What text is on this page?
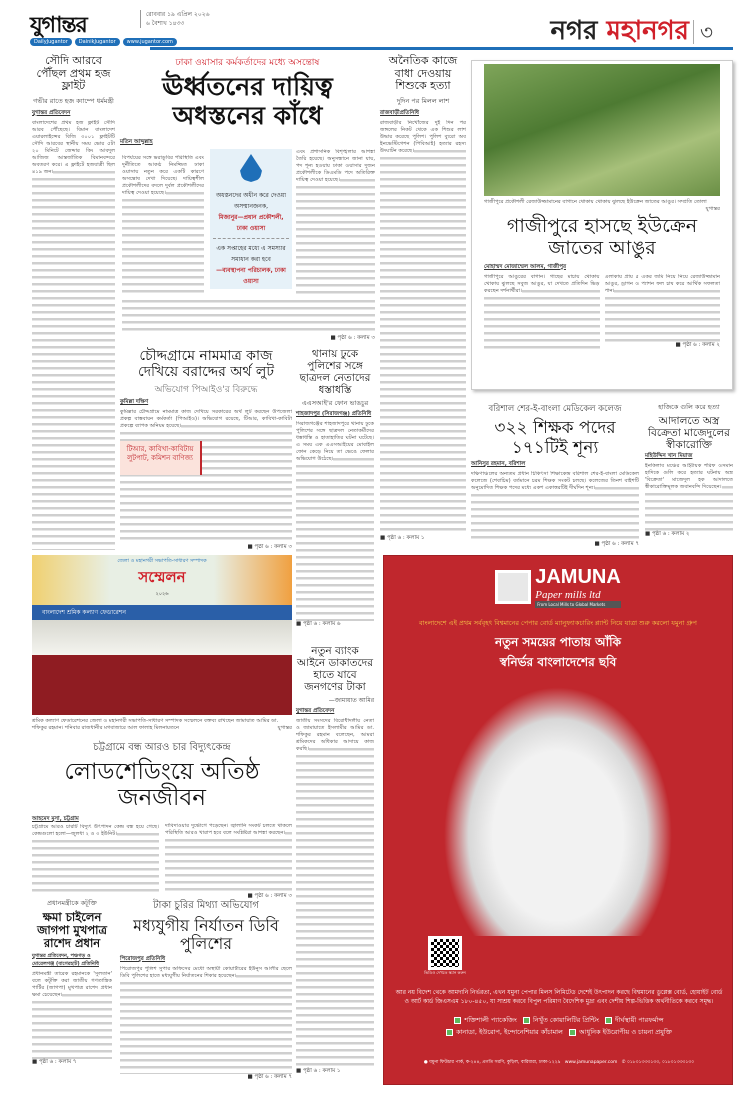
যুগান্তর	রোববার ১৯ এপ্রিল ২০২৬
৬ বৈশাখ ১৪৩৩
DailyJugantor	DainikJugantor	www.jugantor.com	নগর মহানগর ৩
সৌদি আরবে পৌঁছল প্রথম হজ ফ্লাইট
গভীর রাতে হজ ক্যাম্পে ধর্মমন্ত্রী
যুগান্তর প্রতিবেদন
বাংলাদেশের প্রথম হজ ফ্লাইট সৌদি আরব পৌঁছেছে। বিমান বাংলাদেশ এয়ারলাইন্সের বিজি ৩০০১ ফ্লাইটটি সৌদি আরবের স্থানীয় সময় ভোর ৫টা ২০ মিনিটে জেদ্দার কিং আবদুল আজিজ আন্তর্জাতিক বিমানবন্দরে অবতরণ করে। এ ফ্লাইটে হজযাত্রী ছিল ৪১৯ জন।
ঢাকা ওয়াসার কর্মকর্তাদের মধ্যে অসন্তোষ
ঊর্ধ্বতনের দায়িত্ব অধস্তনের কাঁধে
মতিন আব্দুল্লাহ
বিপর্যয়ের সঙ্গে ভরাডুবির পরিস্থিতি এবং দুর্নীতিতে আকণ্ঠ নিমজ্জিত ঢাকা ওয়াসায় নতুন করে একটি কারণে অসন্তোষ দেখা দিয়েছে। দায়িত্বশীল প্রকৌশলীদের বদলে দুর্বল প্রকৌশলীদের দায়িত্ব দেওয়া হয়েছে।	অধস্তনদের অধীন করে দেওয়া অসম্মানজনক,
মিজানুর—প্রধান প্রকৌশলী, ঢাকা ওয়াসা
এক সপ্তাহের মধ্যে এ সমস্যার সমাধান করা হবে
—ব্যবস্থাপনা পরিচালক, ঢাকা ওয়াসা
এবং প্রশাসনিক বিশৃঙ্খলার আশঙ্কা তৈরি হয়েছে। অনুসন্ধানে জানা যায়, পদ শূন্য হওয়ায় ঢাকা ওয়াসার দুজন প্রকৌশলীকে ডিএমডি পদে অতিরিক্ত দায়িত্ব দেওয়া হয়েছে।
■ পৃষ্ঠা ৬ : কলাম ৩
অনৈতিক কাজে বাধা দেওয়ায় শিশুকে হত্যা
দুদিন পর মিলল লাশ
রাজবাড়ীপ্রতিনিধি
রাজবাড়ীর নিখোঁজের দুই দিন পর জঙ্গলের নিকট থেকে এক শিশুর লাশ উদ্ধার করেছে পুলিশ। পুলিশ ব্যুরো অব ইনভেস্টিগেশন (পিবিআই) হত্যার রহস্য উদ্ঘাটন করেছে।
■ পৃষ্ঠা ৬ : কলাম ১
গাজীপুরে প্রকৌশলী রেজাউজ্জামানের বাগানে থোকায় থোকায় ঝুলছে ইউক্রেন জাতের আঙুর। সম্প্রতি তোলা
যুগান্তর
গাজীপুরে হাসছে ইউক্রেন জাতের আঙুর
মোহাম্মদ মোজাম্মেল আলম, গাজীপুর
গাজীপুরে আঙুরের বাগান। গাছের মাচায় থোকায় থোকায় ঝুলছে সবুজ আঙুর, যা দেখতে প্রতিদিন ভিড় করছেন দর্শনার্থীরা।
এলাকায় প্রায় ৫ একর জমি নিয়ে নিয়ে রেজাউজ্জামান আঙুর, ড্রাগন ও প্যাশন ফল চাষ করে আর্থিক সফলতা পান।
■ পৃষ্ঠা ৬ : কলাম ২
চৌদ্দগ্রামে নামমাত্র কাজ দেখিয়ে বরাদ্দের অর্থ লুট
অভিযোগ পিআইও'র বিরুদ্ধে
কুমিল্লা দক্ষিণ
কুমিল্লার চৌদ্দগ্রামে নামমাত্র কাজ দেখিয়ে সরকারের অর্থ লুট করছেন উপজেলা প্রকল্প বাস্তবায়ন কর্মকর্তা (পিআইও)। অভিযোগ রয়েছে, টিআর, কাবিখা-কাবিটা প্রকল্পে ব্যাপক অনিয়ম হয়েছে।
টিআর, কাবিখা-কাবিটায় লুটপাট, কমিশন বাণিজ্য
■ পৃষ্ঠা ৬ : কলাম ৩
থানায় ঢুকে পুলিশের সঙ্গে ছাত্রদল নেতাদের ধস্তাধস্তি
এএসআই'র ফোন ভাঙচুর
শাহজাদপুর (সিরাজগঞ্জ) প্রতিনিধি
সিরাজগঞ্জের শাহজাদপুরে থানায় ঢুকে পুলিশের সঙ্গে ছাত্রদল নেতাকর্মীদের ধস্তাধস্তি ও হাতাহাতির ঘটনা ঘটেছে। এ সময় এক এএসআইয়ের মোবাইল ফোন কেড়ে নিয়ে তা ভেঙে ফেলার অভিযোগ উঠেছে।
■ পৃষ্ঠা ৬ : কলাম ৬
বরিশাল শের-ই-বাংলা মেডিকেল কলেজ
৩২২ শিক্ষক পদের ১৭১টিই শূন্য
আনিসুর রহমান, বরিশাল
দক্ষিণাঞ্চলের অন্যতম প্রধান চিকিৎসা শিক্ষাকেন্দ্র বরিশাল শের-ই-বাংলা মেডিকেল কলেজে (শেবাচিম) বর্তমানে চরম শিক্ষক সংকট চলছে। কলেজের তিনশ বাইশটি অনুমোদিত শিক্ষক পদের মধ্যে একশ একাত্তরটিই দীর্ঘদিন শূন্য।
■ পৃষ্ঠা ৬ : কলাম ৭
হাজিকে গুলি করে হত্যা
আদালতে অস্ত্র বিক্রেতা মাজেদুলের স্বীকারোক্তি
মহিউদ্দিন খান মিয়াজ
ইনকিলাব মঞ্চের আহ্বায়ক শরিফ ওসমান হাদিকে গুলি করে হত্যার ঘটনায় অস্ত্র 'বিক্রেতা' মাজেদুল হক আদালতে স্বীকারোক্তিমূলক জবানবন্দি দিয়েছেন।
■ পৃষ্ঠা ৬ : কলাম ২
জেলা ও মহানগরী সভাপতি-সাধারণ সম্পাদক
সম্মেলন
২০২৬
বাংলাদেশ শ্রমিক কল্যাণ ফেডারেশন
শ্রমিক কল্যাণ ফেডারেশনের জেলা ও মহানগরী সভাপতি-সাধারণ সম্পাদক সম্মেলনে বক্তব্য রাখছেন জামায়াত আমির ডা. শফিকুর রহমান। শনিবার রাজধানীর মগবাজারে আল ফালাহ মিলনায়তনে	যুগান্তর
চট্টগ্রামে বন্ধ আরও চার বিদ্যুৎকেন্দ্র
লোডশেডিংয়ে অতিষ্ঠ জনজীবন
আহমেদ মুসা, চট্টগ্রাম
চট্টগ্রামে আরও চারটি বিদ্যুৎ উৎপাদন কেন্দ্র বন্ধ হয়ে গেছে। কেন্দ্রগুলো হলো—জুলধা ২ ও ৩ ইউনিট।
দাবিদাওয়ার দুর্ভোগে পড়েছেন। জ্বালানি সংকট চলতে থাকলে পরিস্থিতি আরও খারাপ হবে বলে সংশ্লিষ্টরা আশঙ্কা করছেন।
■ পৃষ্ঠা ৬ : কলাম ৩
প্রধানমন্ত্রীকে কটূক্তি
ক্ষমা চাইলেন জাগপা মুখপাত্র রাশেদ প্রধান
যুগান্তর প্রতিবেদন, পঞ্চগড় ও মোরেলগঞ্জ (বাগেরহাট) প্রতিনিধি
প্রধানমন্ত্রী তারেক রহমানকে 'সুলতান' বলে কটূক্তি করা জাতীয় গণতান্ত্রিক পার্টির (জাগপা) মুখপাত্র রাশেদ প্রধান ক্ষমা চেয়েছেন।
■ পৃষ্ঠা ৬ : কলাম ৭
টাকা চুরির মিথ্যা অভিযোগ
মধ্যযুগীয় নির্যাতন ডিবি পুলিশের
পিরোজপুর প্রতিনিধি
পিরোজপুর পুলিশ সুপার অফিসের মেধো অস্থায়ী কোয়ার্টারের ইউনুস আলীর ছেলে ডিবি পুলিশের হাতে মধ্যযুগীয় নির্যাতনের শিকার হয়েছেন।
■ পৃষ্ঠা ৬ : কলাম ৭
নতুন ব্যাংক আইনে ডাকাতদের হাতে যাবে জনগণের টাকা
—জামায়াত আমির
যুগান্তর প্রতিবেদন
জাতীয় সংসদের বিরোধীদলীয় নেতা ও জামায়াতে ইসলামীর আমির ডা. শফিকুর রহমান বলেছেন, আমরা শ্রমিকদের অধিকার আদায়ে কাজ করছি।
■ পৃষ্ঠা ৬ : কলাম ১
JAMUNA
Paper mills ltd
From Local Mills to Global Markets
বাংলাদেশে এই প্রথম সর্ববৃহৎ বিশ্বমানের পেপার বোর্ড ম্যানুফ্যাকচারিং প্ল্যান্ট নিয়ে যাত্রা শুরু করলো যমুনা গ্রুপ
নতুন সময়ের পাতায় আঁকি
স্বনির্ভর বাংলাদেশের ছবি
ভিডিও দেখতে স্ক্যান করুন
আর নয় বিদেশ থেকে আমদানি নির্ভরতা, এখন যমুনা পেপার মিলস লিমিটেড দেশেই উৎপাদন করছে বিশ্বমানের ডুপ্লেক্স বোর্ড, হোয়াইট বোর্ড ও আর্ট কার্ড জিএসএম ১৮০-৪৫০, যা সাশ্রয় করবে বিপুল পরিমাণ বৈদেশিক মুদ্রা এবং দেশীয় শিল্প-ভিত্তিক অর্থনীতিকে করবে সমৃদ্ধ।
শক্তিশালী প্যাকেজিং নিখুঁত কোয়ালিটির প্রিন্টিং দীর্ঘস্থায়ী পারফর্মান্স
কানাডা, ইউরোপ, ইন্দোনেশিয়ার কাঁচামাল আধুনিক ইউরোপীয় ও চায়না প্রযুক্তি
● যমুনা ফিউচার পার্ক, ক-২৪৪, প্রগতি সরণি, কুড়িল, বারিধারা, ঢাকা-১২২৯ www.jamunapaper.com ✆ ০১৮০১৩৩৩১৩৩, ০১৮০১৩৩৩১৩০
